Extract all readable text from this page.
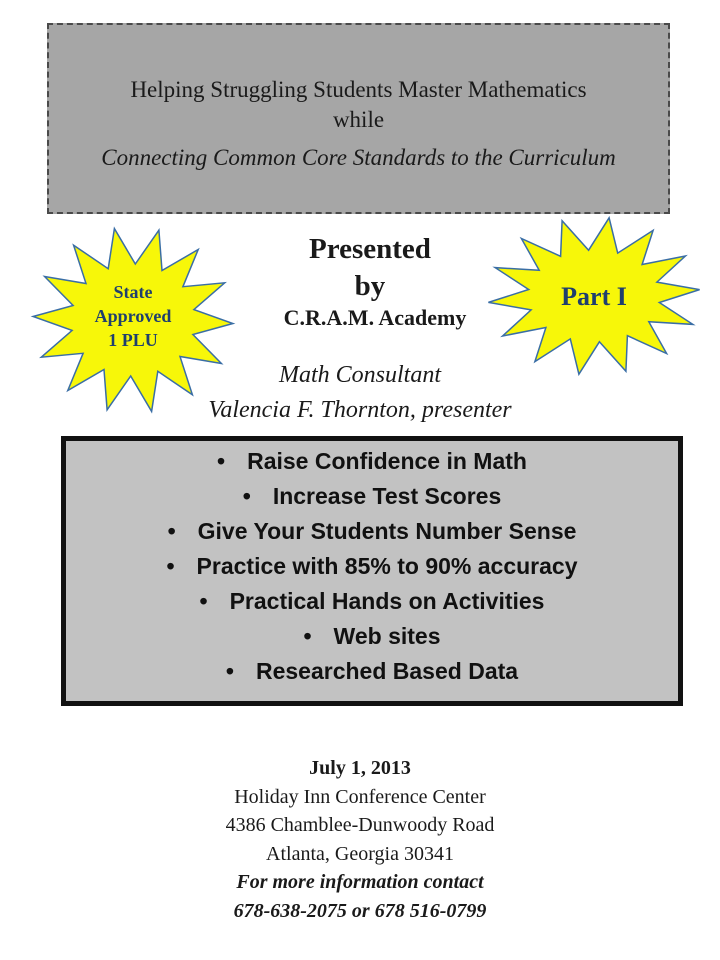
Helping Struggling Students Master Mathematics
while
Connecting Common Core Standards to the Curriculum
State
Approved
1 PLU
Part I
Presented
by
C.R.A.M. Academy
Math Consultant
Valencia F. Thornton, presenter
• Raise Confidence in Math
• Increase Test Scores
• Give Your Students Number Sense
• Practice with 85% to 90% accuracy
• Practical Hands on Activities
• Web sites
• Researched Based Data
July 1, 2013
Holiday Inn Conference Center
4386 Chamblee-Dunwoody Road
Atlanta, Georgia 30341
For more information contact
678-638-2075 or 678 516-0799
